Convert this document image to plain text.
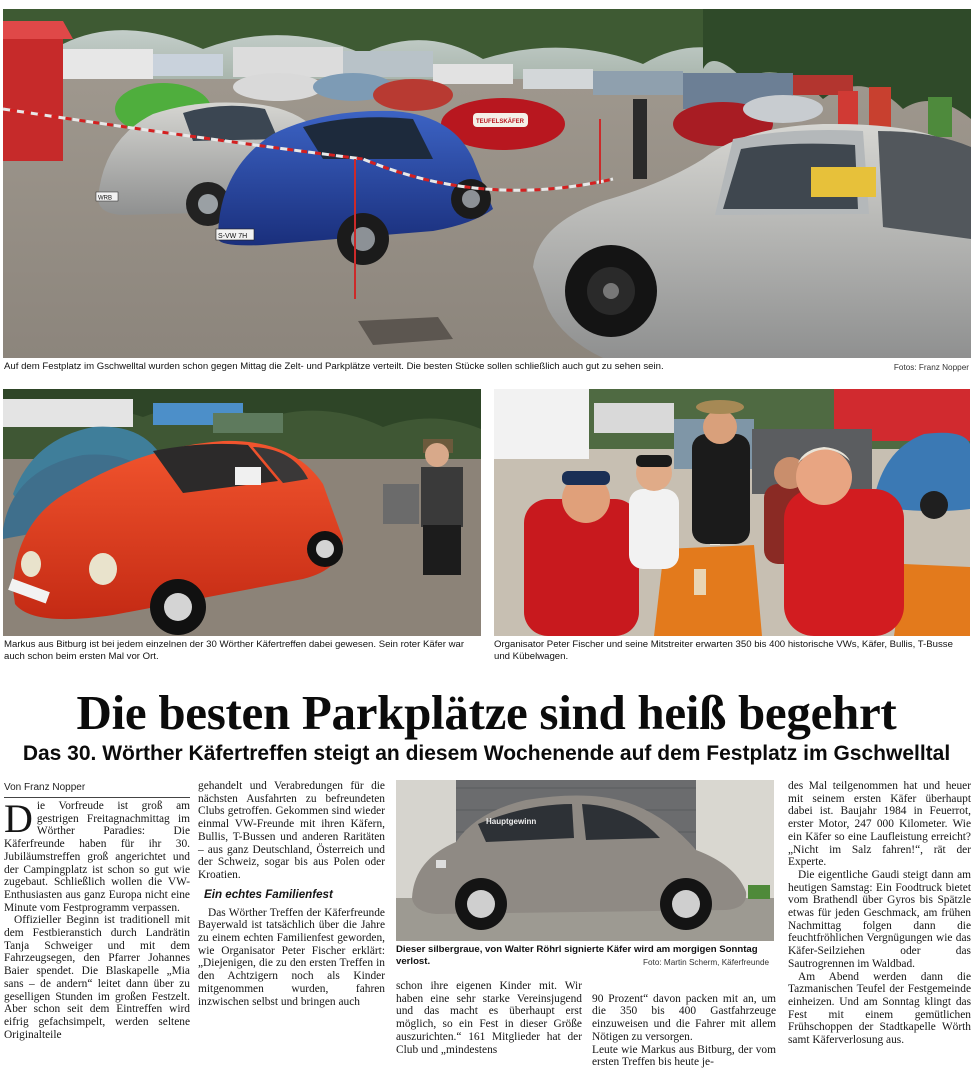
S-VW 7H
WRB
TEUFELSKÄFER
Auf dem Festplatz im Gschwelltal wurden schon gegen Mittag die Zelt- und Parkplätze verteilt. Die besten Stücke sollen schließlich auch gut zu sehen sein.	Fotos: Franz Nopper
Markus aus Bitburg ist bei jedem einzelnen der 30 Wörther Käfertreffen dabei gewesen. Sein roter Käfer war auch schon beim ersten Mal vor Ort.
Organisator Peter Fischer und seine Mitstreiter erwarten 350 bis 400 historische VWs, Käfer, Bullis, T-Busse und Kübelwagen.
Die besten Parkplätze sind heiß begehrt
Das 30. Wörther Käfertreffen steigt an diesem Wochenende auf dem Festplatz im Gschwelltal
Von Franz Nopper

Die Vorfreude ist groß am gestrigen Freitagnachmittag im Wörther Paradies: Die Käferfreunde haben für ihr 30. Jubiläumstreffen groß angerichtet und der Campingplatz ist schon so gut wie zugebaut. Schließlich wollen die VW-Enthusiasten aus ganz Europa nicht eine Minute vom Festprogramm verpassen.

Offizieller Beginn ist traditionell mit dem Festbieranstich durch Landrätin Tanja Schweiger und mit dem Fahrzeugsegen, den Pfarrer Johannes Baier spendet. Die Blaskapelle „Mia sans – de andern“ leitet dann über zu geselligen Stunden im großen Festzelt. Aber schon seit dem Eintreffen wird eifrig gefachsimpelt, werden seltene Originalteile

gehandelt und Verabredungen für die nächsten Ausfahrten zu befreundeten Clubs getroffen. Gekommen sind wieder einmal VW-Freunde mit ihren Käfern, Bullis, T-Bussen und anderen Raritäten – aus ganz Deutschland, Österreich und der Schweiz, sogar bis aus Polen oder Kroatien.

Ein echtes Familienfest

Das Wörther Treffen der Käferfreunde Bayerwald ist tatsächlich über die Jahre zu einem echten Familienfest geworden, wie Organisator Peter Fischer erklärt: „Diejenigen, die zu den ersten Treffen in den Achtzigern noch als Kinder mitgenommen wurden, fahren inzwischen selbst und bringen auch

Hauptgewinn
Dieser silbergraue, von Walter Röhrl signierte Käfer wird am morgigen Sonntag verlost.	Foto: Martin Scherm, Käferfreunde

schon ihre eigenen Kinder mit. Wir haben eine sehr starke Vereinsjugend und das macht es überhaupt erst möglich, so ein Fest in dieser Größe auszurichten.“ 161 Mitglieder hat der Club und „mindestens

90 Prozent“ davon packen mit an, um die 350 bis 400 Gastfahrzeuge einzuweisen und die Fahrer mit allem Nötigen zu versorgen.
Leute wie Markus aus Bitburg, der vom ersten Treffen bis heute je-

des Mal teilgenommen hat und heuer mit seinem ersten Käfer überhaupt dabei ist. Baujahr 1984 in Feuerrot, erster Motor, 247 000 Kilometer. Wie ein Käfer so eine Laufleistung erreicht? „Nicht im Salz fahren!“, rät der Experte.

Die eigentliche Gaudi steigt dann am heutigen Samstag: Ein Foodtruck bietet vom Brathendl über Gyros bis Spätzle etwas für jeden Geschmack, am frühen Nachmittag folgen dann die feuchtfröhlichen Vergnügungen wie das Käfer-Seilziehen oder das Sautrogrennen im Waldbad.

Am Abend werden dann die Tazmanischen Teufel der Festgemeinde einheizen. Und am Sonntag klingt das Fest mit einem gemütlichen Frühschoppen der Stadtkapelle Wörth samt Käferverlosung aus.
